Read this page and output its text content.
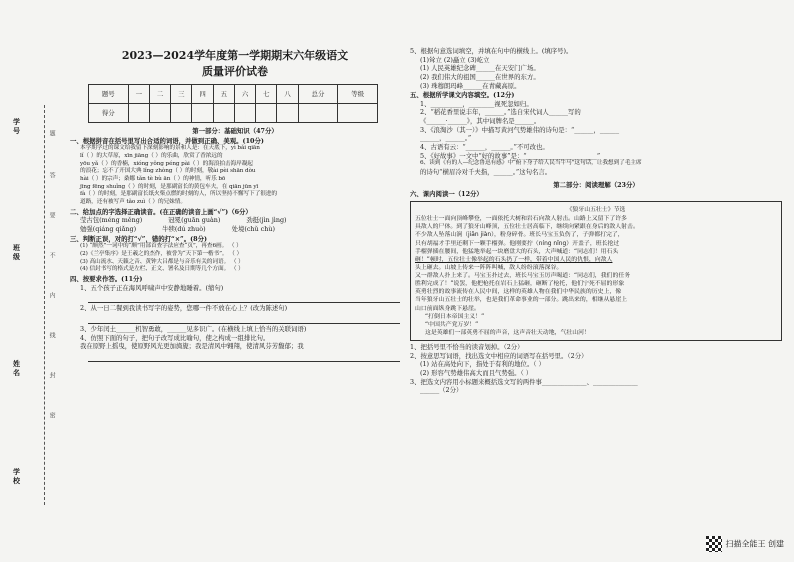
学校
班级
姓名
学号	题
答
要
不
内
线
封
密
2023—2024学年度第一学期期末六年级语文
质量评价试卷
题号	一	二	三	四	五	六	七	八	总分	等级
得分										
第一部分：基础知识（47分）
一、根据拼音在括号里写出合适的词语，并做到正确、美观。(10分)
本学期学过的课文给我留下深刻影响的景和人是：在天底下，yì bǎi qiān
lǐ（ ）的大草原，xīn jiāng（ ）的乐曲，欣赏了香浓远的
yōu yǎ（ ）的香楠，xióng yǒng péng pài（ ）的海浪拍击海岸凝起
的浪花；忘不了开国大典 lǐng zhòng（ ）的时刻，敬ài pèi shān dòu
hài（ ）的宗声；桑娜 tǎn tè bù ān（ ）的神情，听乐 bō
jīng fēng shuǐng（ ）的时刻，是那副富长的黄包车夫，在 qiān jūn yī
fà（ ）的时刻，是那副富长纸火柴点燃的时刻的人，所以坚持不懈写下了很进的
道路，还有被写声 tǎo zuì（ ）的兄妹情。
二、给加点的字选择正确读音。(在正确的读音上画“√”)（6分）
莹古包(méng měng)	冠冕(guān guàn)	劲挺(jìn jìng)
勉强(qiáng qiǎng)	牛犊(dú zhuò)	处境(chǔ chù)
三、判断正误，对的打“√”，错的打“×”。(8分)
(1) “颇然”一词中的“颇”用部首查字法应查“页”，再查6画。 （ ）
(2)《兰亭集序》是王羲之的杰作，被誉为“天下第一楷书”。 （ ）
(3) 高山流水、天籁之音、黄钟大吕都是与音乐有关的词语。 （ ）
(4) 信封书写的格式是左栏、正文、署名及日期等几个方面。 （ ）
四、按要求作答。(11分)
1、五个孩子正在海风呼啸声中安静地睡着。(缩句)
2、从一日二餐到我读书写字的姿势，您哪一件不放在心上？(改为陈述句)
3、少年闰土______机智勇敢，______见多识广。(在横线上填上恰当的关联词语)
4、仿照下面的句子，把句子改写成比喻句，使之构成一组排比句。
我在原野上摇曳，使原野风光更加旖旎；我是清风中翱翔，使清风芬芳馥郁；我
5、根据句意选词填空，并填在句中的横线上。(填序号)。
(1)耸立 (2)矗立 (3)屹立
(1) 人民英雄纪念碑______在天安门广场。
(2) 我们伟大的祖国______在世界的东方。
(3) 珠穆朗玛峰______在青藏高原。
五、根据所学课文内容填空。(12分)
1、__________，________视死忽如归。
2、“稻花香里说丰年，______。”选自宋代词人______写的
《______·______》，其中词牌名是______。
3、《浪淘沙（其一）》中描写黄河气势雄伟的诗句是：“______，______
______，______。”
4、古语有云：“______，______。”不可改也。
5、《好故事》一文中“好的故事”是：“______________________”
6、读到《有的人—纪念鲁迅有感》中“俯下身子给人民当牛马”这句话，让我想到了毛主席
的诗句“横眉冷对千夫指，______。”这句名言。
第二部分：阅读理解（23分）
六、课内阅读一（12分）
《狼牙山五壮士》节选
五位壮士一面向顶峰攀登，一面依托大树和岩石向敌人射击。山路上又留下了许多
具敌人的尸体。到了狼牙山峰顶，五位壮士居高临下，继续向紧跟在身后的敌人射击。
不少敌人坠落山涧（jiān jiàn），粉身碎骨。班长马宝玉负伤了，子弹都打完了，
只有胡福才手里还剩下一颗手榴弹。他刚要拧（níng nǐng）开盖子，班长抢过
手榴弹插在腰间，他猛地举起一块磨盘大的石头，大声喊道：“同志们！用石头
砸！”顿时，五位壮士像举起的石头扔了一样，带着中国人民的仇恨，向敌人
头上砸去。山坡上传来一阵阵叫喊，敌人纷纷滚落深谷。
又一群敌人扑上来了。马宝玉扑过去，班长马宝玉厉声喝道：“同志们，我们的任务
胜利完成了！”说罢，他把枪托在岩石上猛砸，砸断了枪托，他们宁死不屈的形象
英勇壮烈的故事流传在人民中间，这样的英雄人物在我们中华民族的历史上，像
当年狼牙山五壮士的壮举，也是我们革命事业的一部分。跳出来的，相继从悬崖上
山口前面纵身跳下悬崖。
“打倒日本帝国主义！”
“中国共产党万岁！”
这是英雄们一部英勇不屈的声音，这声音壮天动地，气壮山河！
1、把括号里不恰当的读音划掉。（2分）
2、按意思写词语，找出选文中相应的词语写在括号里。（2分）
(1) 站在高处向下，指处于有利的地位。（ ）
(2) 形容气势雄伟高大而且气势强。（ ）
3、把选文内容用小标题来概括选文写的两件事______________、______________
______（2分）
扫描全能王 创建
